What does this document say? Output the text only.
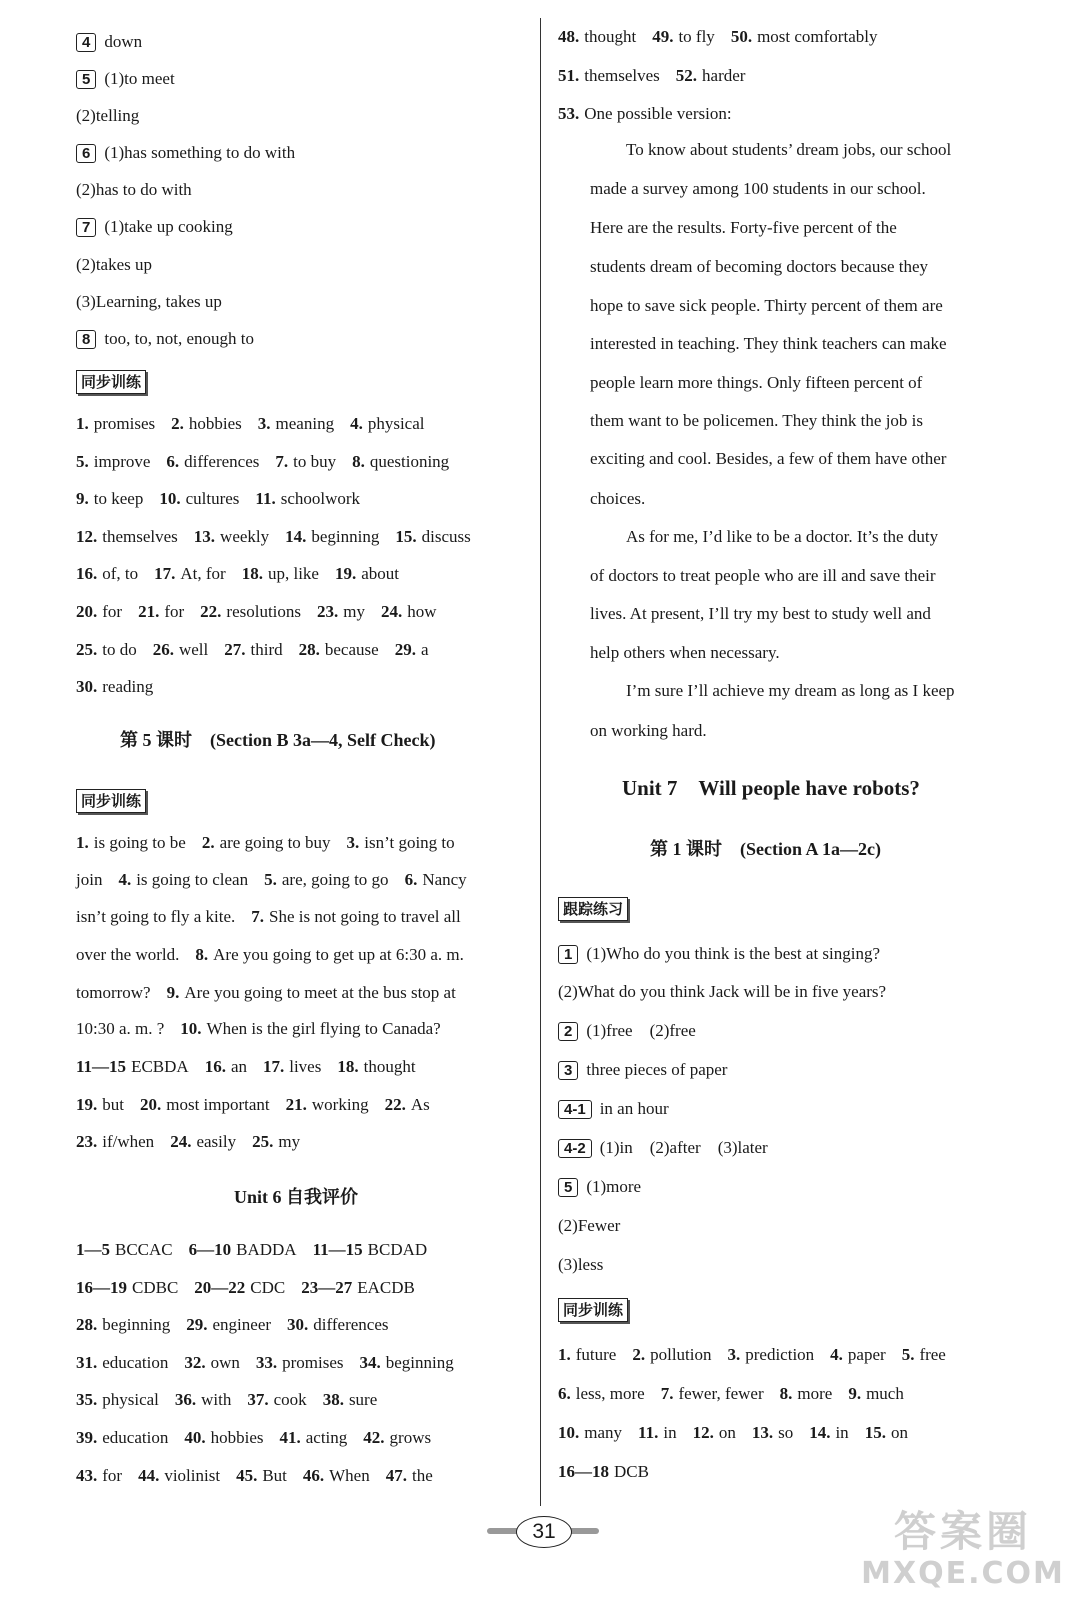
4 down
5 (1)to meet
(2)telling
6 (1)has something to do with
(2)has to do with
7 (1)take up cooking
(2)takes up
(3)Learning, takes up
8 too, to, not, enough to
同步训练
1. promises 2. hobbies 3. meaning 4. physical
5. improve 6. differences 7. to buy 8. questioning
9. to keep 10. cultures 11. schoolwork
12. themselves 13. weekly 14. beginning 15. discuss
16. of, to 17. At, for 18. up, like 19. about
20. for 21. for 22. resolutions 23. my 24. how
25. to do 26. well 27. third 28. because 29. a
30. reading
第 5 课时　(Section B 3a—4, Self Check)
同步训练
1. is going to be 2. are going to buy 3. isn’t going to
join 4. is going to clean 5. are, going to go 6. Nancy
isn’t going to fly a kite. 7. She is not going to travel all
over the world. 8. Are you going to get up at 6:30 a. m.
tomorrow? 9. Are you going to meet at the bus stop at
10:30 a. m. ? 10. When is the girl flying to Canada?
11—15 ECBDA 16. an 17. lives 18. thought
19. but 20. most important 21. working 22. As
23. if/when 24. easily 25. my
Unit 6 自我评价
1—5 BCCAC 6—10 BADDA 11—15 BCDAD
16—19 CDBC 20—22 CDC 23—27 EACDB
28. beginning 29. engineer 30. differences
31. education 32. own 33. promises 34. beginning
35. physical 36. with 37. cook 38. sure
39. education 40. hobbies 41. acting 42. grows
43. for 44. violinist 45. But 46. When 47. the
48. thought 49. to fly 50. most comfortably
51. themselves 52. harder
53. One possible version:
To know about students’ dream jobs, our school
made a survey among 100 students in our school.
Here are the results. Forty-five percent of the
students dream of becoming doctors because they
hope to save sick people. Thirty percent of them are
interested in teaching. They think teachers can make
people learn more things. Only fifteen percent of
them want to be policemen. They think the job is
exciting and cool. Besides, a few of them have other
choices.
As for me, I’d like to be a doctor. It’s the duty
of doctors to treat people who are ill and save their
lives. At present, I’ll try my best to study well and
help others when necessary.
I’m sure I’ll achieve my dream as long as I keep
on working hard.
Unit 7　Will people have robots?
第 1 课时　(Section A 1a—2c)
跟踪练习
1 (1)Who do you think is the best at singing?
(2)What do you think Jack will be in five years?
2 (1)free　(2)free
3 three pieces of paper
4-1 in an hour
4-2 (1)in　(2)after　(3)later
5 (1)more
(2)Fewer
(3)less
同步训练
1. future 2. pollution 3. prediction 4. paper 5. free
6. less, more 7. fewer, fewer 8. more 9. much
10. many 11. in 12. on 13. so 14. in 15. on
16—18 DCB
31	答案圈
MXQE.COM
